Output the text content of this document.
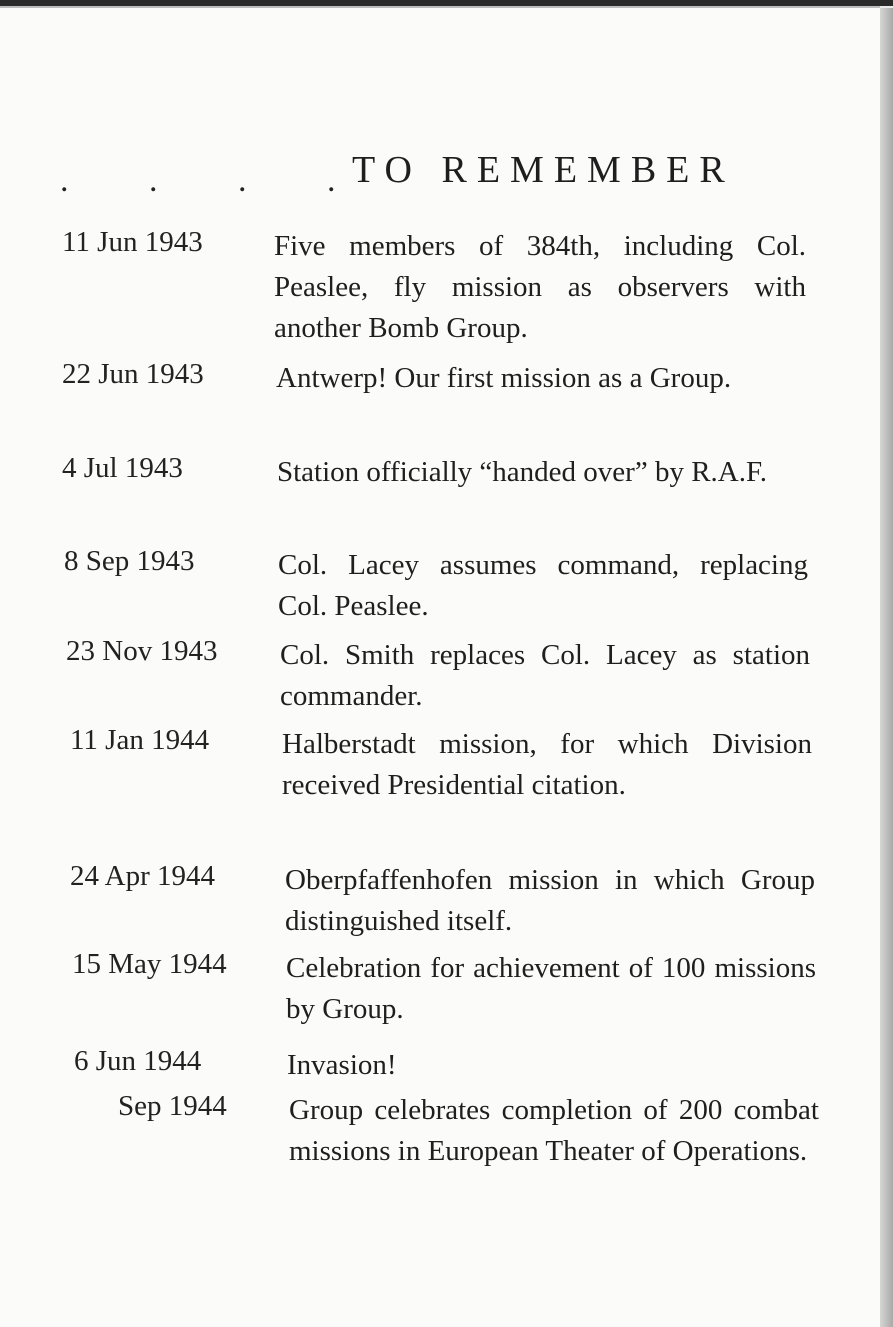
. . . .
TO REMEMBER
11 Jun 1943 Five members of 384th, including Col. Peaslee, fly mission as observers with another Bomb Group.
22 Jun 1943 Antwerp! Our first mission as a Group.
4 Jul 1943	Station officially “handed over” by R.A.F.
8 Sep 1943	Col. Lacey assumes command, replacing Col. Peaslee.
23 Nov 1943 Col. Smith replaces Col. Lacey as station commander.
11 Jan 1944	Halberstadt mission, for which Division received Presidential citation.
24 Apr 1944 Oberpfaffenhofen mission in which Group distinguished itself.
15 May 1944 Celebration for achievement of 100 missions by Group.
6 Jun 1944	Invasion!
Sep 1944 Group celebrates completion of 200 combat missions in European Theater of Operations.
